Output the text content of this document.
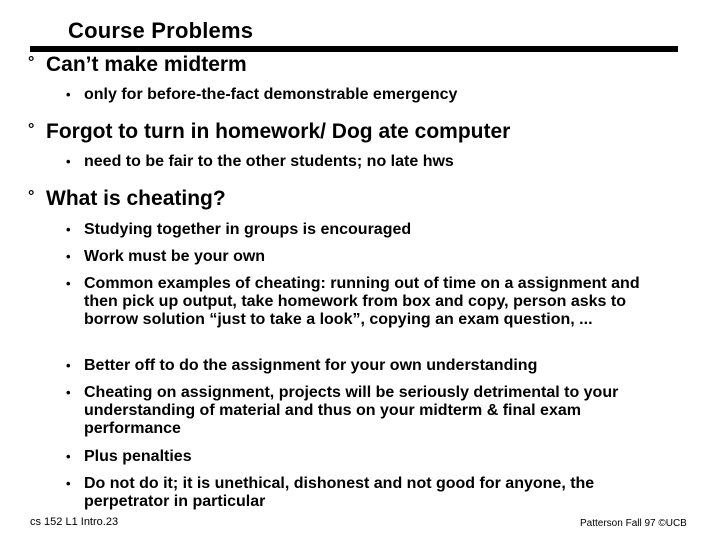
Course Problems
° Can’t make midterm
• only for before-the-fact demonstrable emergency
° Forgot to turn in homework/ Dog ate computer
• need to be fair to the other students; no late hws
° What is cheating?
• Studying together in groups is encouraged
• Work must be your own
• Common examples of cheating: running out of time on a assignment and then pick up output, take homework from box and copy, person asks to borrow solution “just to take a look”, copying an exam question, ...
• Better off to do the assignment for your own understanding
• Cheating on assignment, projects will be seriously detrimental to your understanding of material and thus on your midterm & final exam performance
• Plus penalties
• Do not do it; it is unethical, dishonest and not good for anyone, the perpetrator in particular
cs 152 L1 Intro.23	Patterson Fall 97 ©UCB
